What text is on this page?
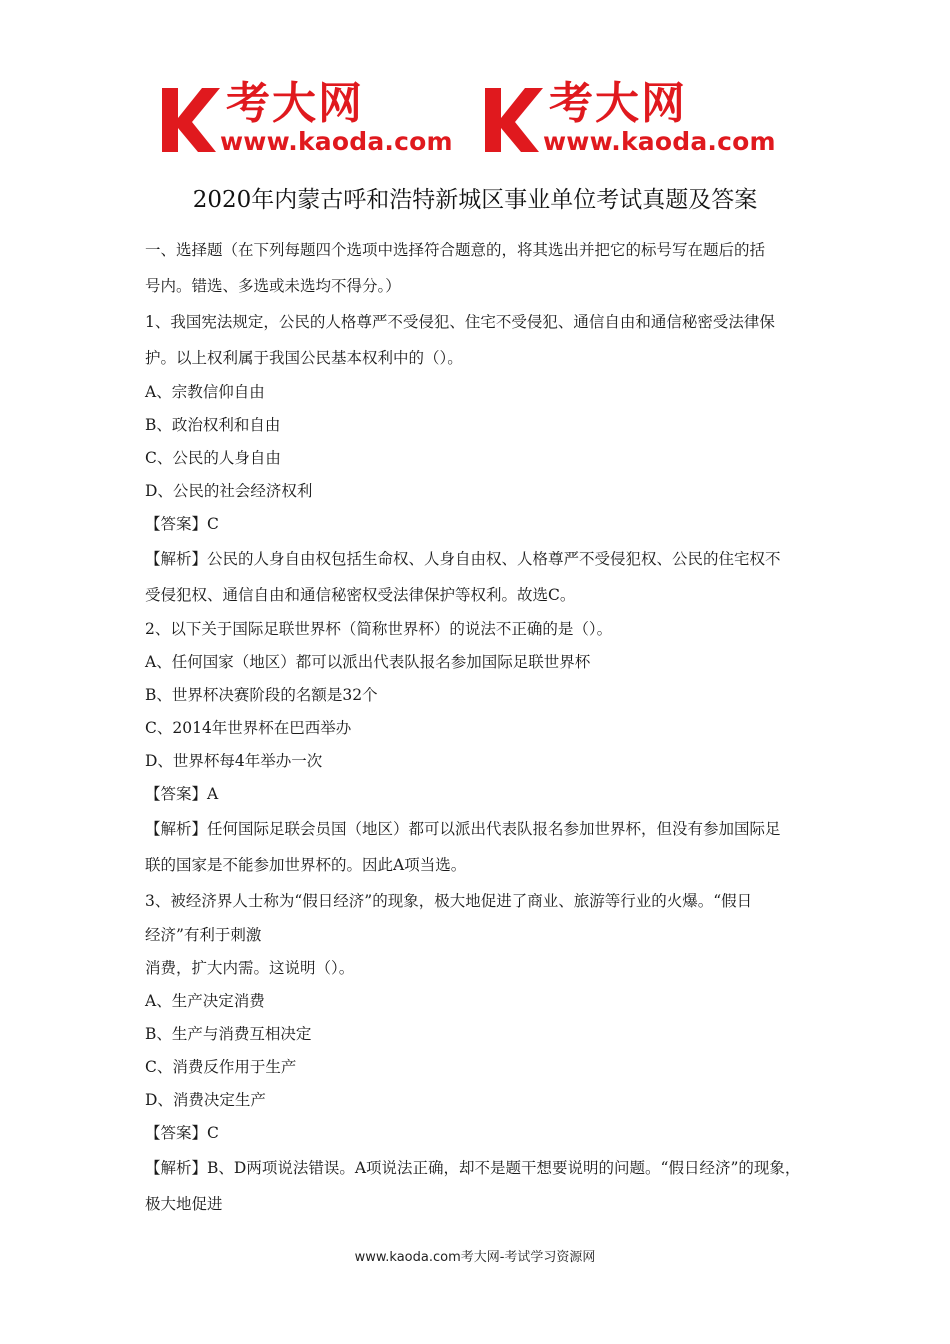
考大网
www.kaoda.com
考大网
www.kaoda.com
2020年内蒙古呼和浩特新城区事业单位考试真题及答案
一、选择题（在下列每题四个选项中选择符合题意的，将其选出并把它的标号写在题后的括
号内。错选、多选或未选均不得分。）
1、我国宪法规定，公民的人格尊严不受侵犯、住宅不受侵犯、通信自由和通信秘密受法律保
护。以上权利属于我国公民基本权利中的（）。
A、宗教信仰自由
B、政治权利和自由
C、公民的人身自由
D、公民的社会经济权利
【答案】C
【解析】公民的人身自由权包括生命权、人身自由权、人格尊严不受侵犯权、公民的住宅权不
受侵犯权、通信自由和通信秘密权受法律保护等权利。故选C。
2、以下关于国际足联世界杯（简称世界杯）的说法不正确的是（）。
A、任何国家（地区）都可以派出代表队报名参加国际足联世界杯
B、世界杯决赛阶段的名额是32个
C、2014年世界杯在巴西举办
D、世界杯每4年举办一次
【答案】A
【解析】任何国际足联会员国（地区）都可以派出代表队报名参加世界杯，但没有参加国际足
联的国家是不能参加世界杯的。因此A项当选。
3、被经济界人士称为“假日经济”的现象，极大地促进了商业、旅游等行业的火爆。“假日
经济”有利于刺激
消费，扩大内需。这说明（）。
A、生产决定消费
B、生产与消费互相决定
C、消费反作用于生产
D、消费决定生产
【答案】C
【解析】B、D两项说法错误。A项说法正确，却不是题干想要说明的问题。“假日经济”的现象，
极大地促进
www.kaoda.com考大网-考试学习资源网
